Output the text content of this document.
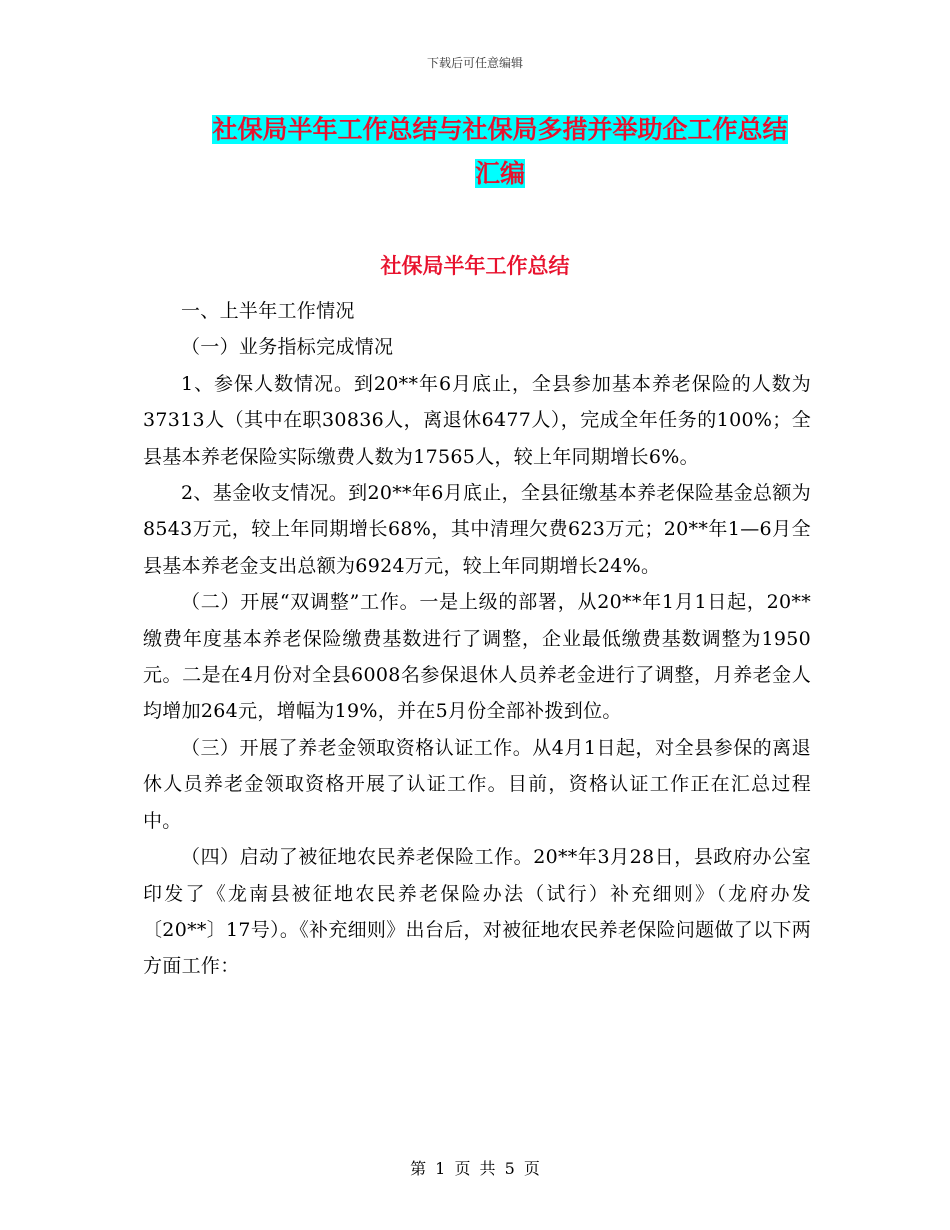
下载后可任意编辑
社保局半年工作总结与社保局多措并举助企工作总结
汇编
社保局半年工作总结

一、上半年工作情况

（一）业务指标完成情况

1、参保人数情况。到20**年6月底止，全县参加基本养老保险的人数为37313人（其中在职30836人，离退休6477人），完成全年任务的100%；全县基本养老保险实际缴费人数为17565人，较上年同期增长6%。

2、基金收支情况。到20**年6月底止，全县征缴基本养老保险基金总额为8543万元，较上年同期增长68%，其中清理欠费623万元；20**年1—6月全县基本养老金支出总额为6924万元，较上年同期增长24%。

（二）开展“双调整”工作。一是上级的部署，从20**年1月1日起，20**缴费年度基本养老保险缴费基数进行了调整，企业最低缴费基数调整为1950元。二是在4月份对全县6008名参保退休人员养老金进行了调整，月养老金人均增加264元，增幅为19%，并在5月份全部补拨到位。

（三）开展了养老金领取资格认证工作。从4月1日起，对全县参保的离退休人员养老金领取资格开展了认证工作。目前，资格认证工作正在汇总过程中。

（四）启动了被征地农民养老保险工作。20**年3月28日，县政府办公室印发了《龙南县被征地农民养老保险办法（试行）补充细则》（龙府办发〔20**〕17号）。《补充细则》出台后，对被征地农民养老保险问题做了以下两方面工作：

第 1 页 共 5 页
